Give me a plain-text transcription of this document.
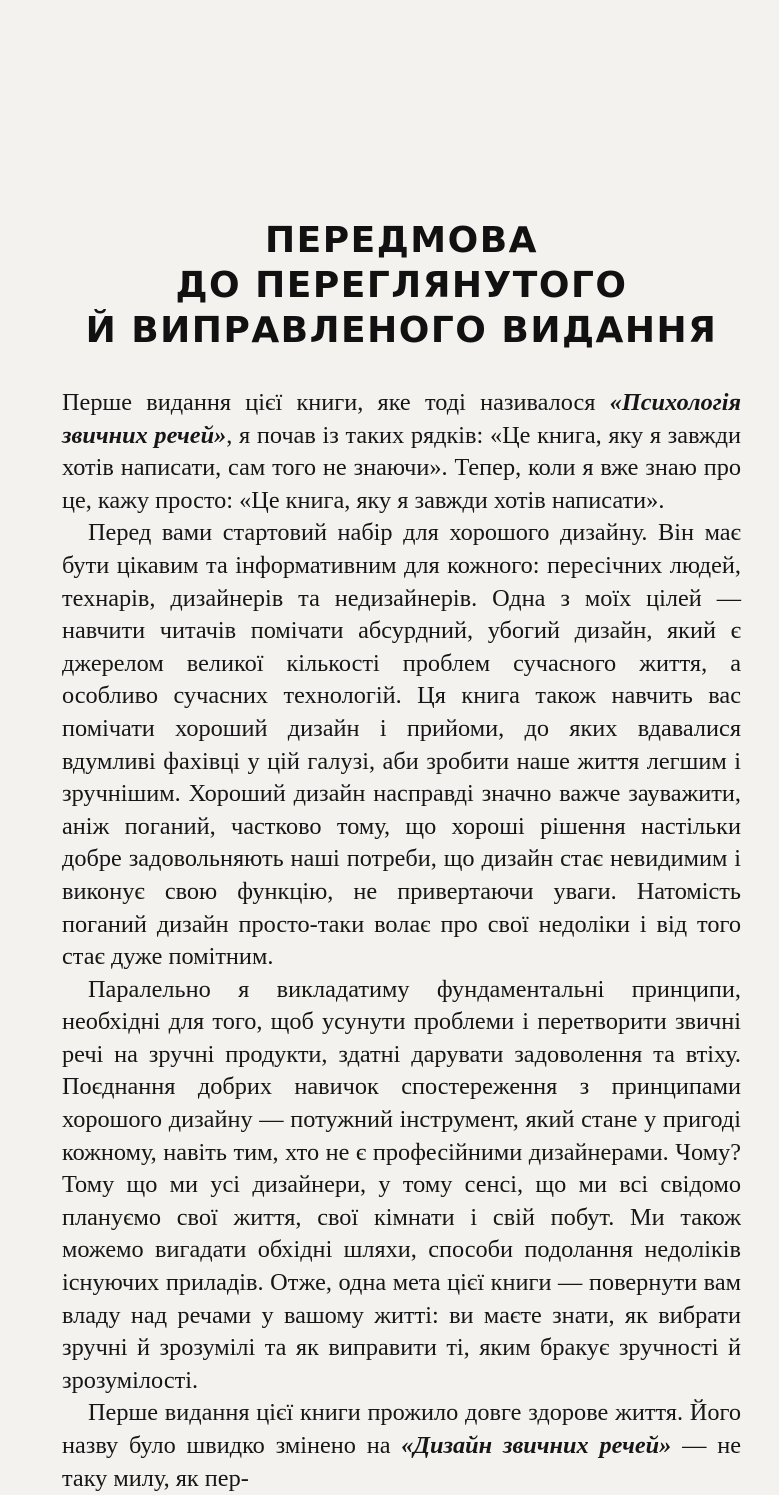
ПЕРЕДМОВА
ДО ПЕРЕГЛЯНУТОГО
Й ВИПРАВЛЕНОГО ВИДАННЯ

Перше видання цієї книги, яке тоді називалося «Психологія звичних речей», я почав із таких рядків: «Це книга, яку я завжди хотів написати, сам того не знаючи». Тепер, коли я вже знаю про це, кажу просто: «Це книга, яку я завжди хотів написати».

Перед вами стартовий набір для хорошого дизайну. Він має бути цікавим та інформативним для кожного: пересічних людей, технарів, дизайнерів та недизайнерів. Одна з моїх цілей — навчити читачів помічати абсурдний, убогий дизайн, який є джерелом великої кількості проблем сучасного життя, а особливо сучасних технологій. Ця книга також навчить вас помічати хороший дизайн і прийоми, до яких вдавалися вдумливі фахівці у цій галузі, аби зробити наше життя легшим і зручнішим. Хороший дизайн насправді значно важче зауважити, аніж поганий, частково тому, що хороші рішення настільки добре задовольняють наші потреби, що дизайн стає невидимим і виконує свою функцію, не привертаючи уваги. Натомість поганий дизайн просто-таки волає про свої недоліки і від того стає дуже помітним.

Паралельно я викладатиму фундаментальні принципи, необхідні для того, щоб усунути проблеми і перетворити звичні речі на зручні продукти, здатні дарувати задоволення та втіху. Поєднання добрих навичок спостереження з принципами хорошого дизайну — потужний інструмент, який стане у пригоді кожному, навіть тим, хто не є професійними дизайнерами. Чому? Тому що ми усі дизайнери, у тому сенсі, що ми всі свідомо плануємо свої життя, свої кімнати і свій побут. Ми також можемо вигадати обхідні шляхи, способи подолання недоліків існуючих приладів. Отже, одна мета цієї книги — повернути вам владу над речами у вашому житті: ви маєте знати, як вибрати зручні й зрозумілі та як виправити ті, яким бракує зручності й зрозумілості.

Перше видання цієї книги прожило довге здорове життя. Його назву було швидко змінено на «Дизайн звичних речей» — не таку милу, як пер-
